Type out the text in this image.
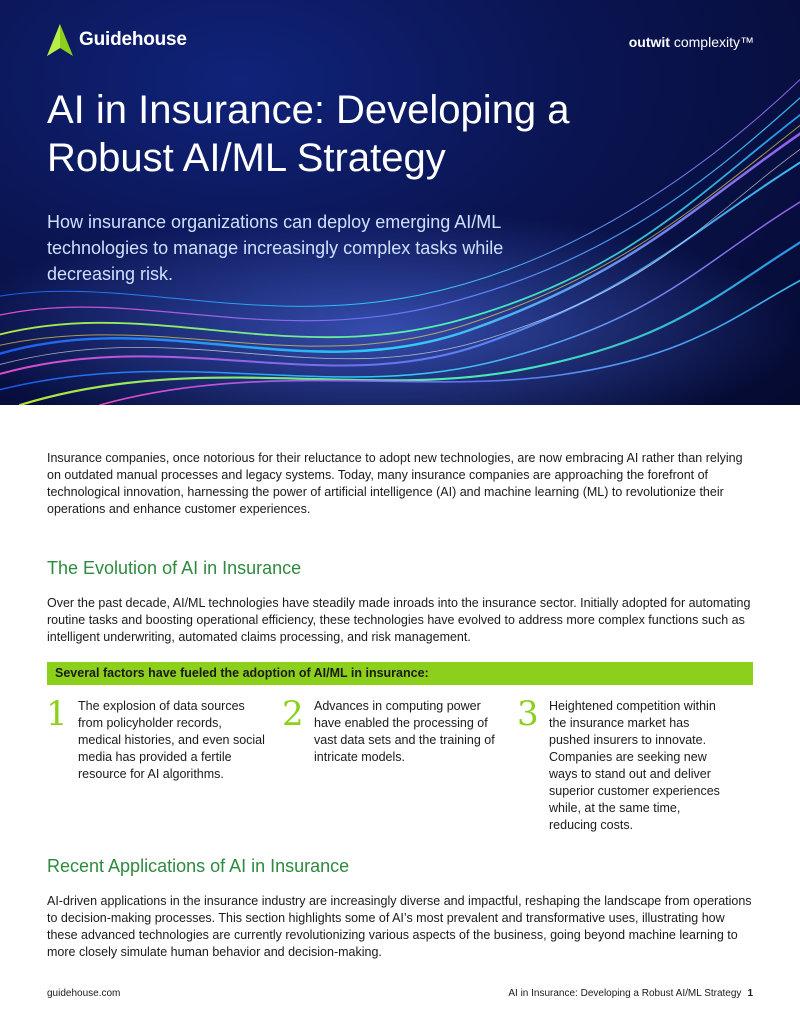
Guidehouse	outwit complexity™
AI in Insurance: Developing a Robust AI/ML Strategy

How insurance organizations can deploy emerging AI/ML technologies to manage increasingly complex tasks while decreasing risk.

Insurance companies, once notorious for their reluctance to adopt new technologies, are now embracing AI rather than relying on outdated manual processes and legacy systems. Today, many insurance companies are approaching the forefront of technological innovation, harnessing the power of artificial intelligence (AI) and machine learning (ML) to revolutionize their operations and enhance customer experiences.

The Evolution of AI in Insurance

Over the past decade, AI/ML technologies have steadily made inroads into the insurance sector. Initially adopted for automating routine tasks and boosting operational efficiency, these technologies have evolved to address more complex functions such as intelligent underwriting, automated claims processing, and risk management.

Several factors have fueled the adoption of AI/ML in insurance:
1 The explosion of data sources from policyholder records, medical histories, and even social media has provided a fertile resource for AI algorithms.

2 Advances in computing power have enabled the processing of vast data sets and the training of intricate models.

3 Heightened competition within the insurance market has pushed insurers to innovate. Companies are seeking new ways to stand out and deliver superior customer experiences while, at the same time, reducing costs.

Recent Applications of AI in Insurance

AI-driven applications in the insurance industry are increasingly diverse and impactful, reshaping the landscape from operations to decision-making processes. This section highlights some of AI’s most prevalent and transformative uses, illustrating how these advanced technologies are currently revolutionizing various aspects of the business, going beyond machine learning to more closely simulate human behavior and decision-making.

guidehouse.com	AI in Insurance: Developing a Robust AI/ML Strategy 1
